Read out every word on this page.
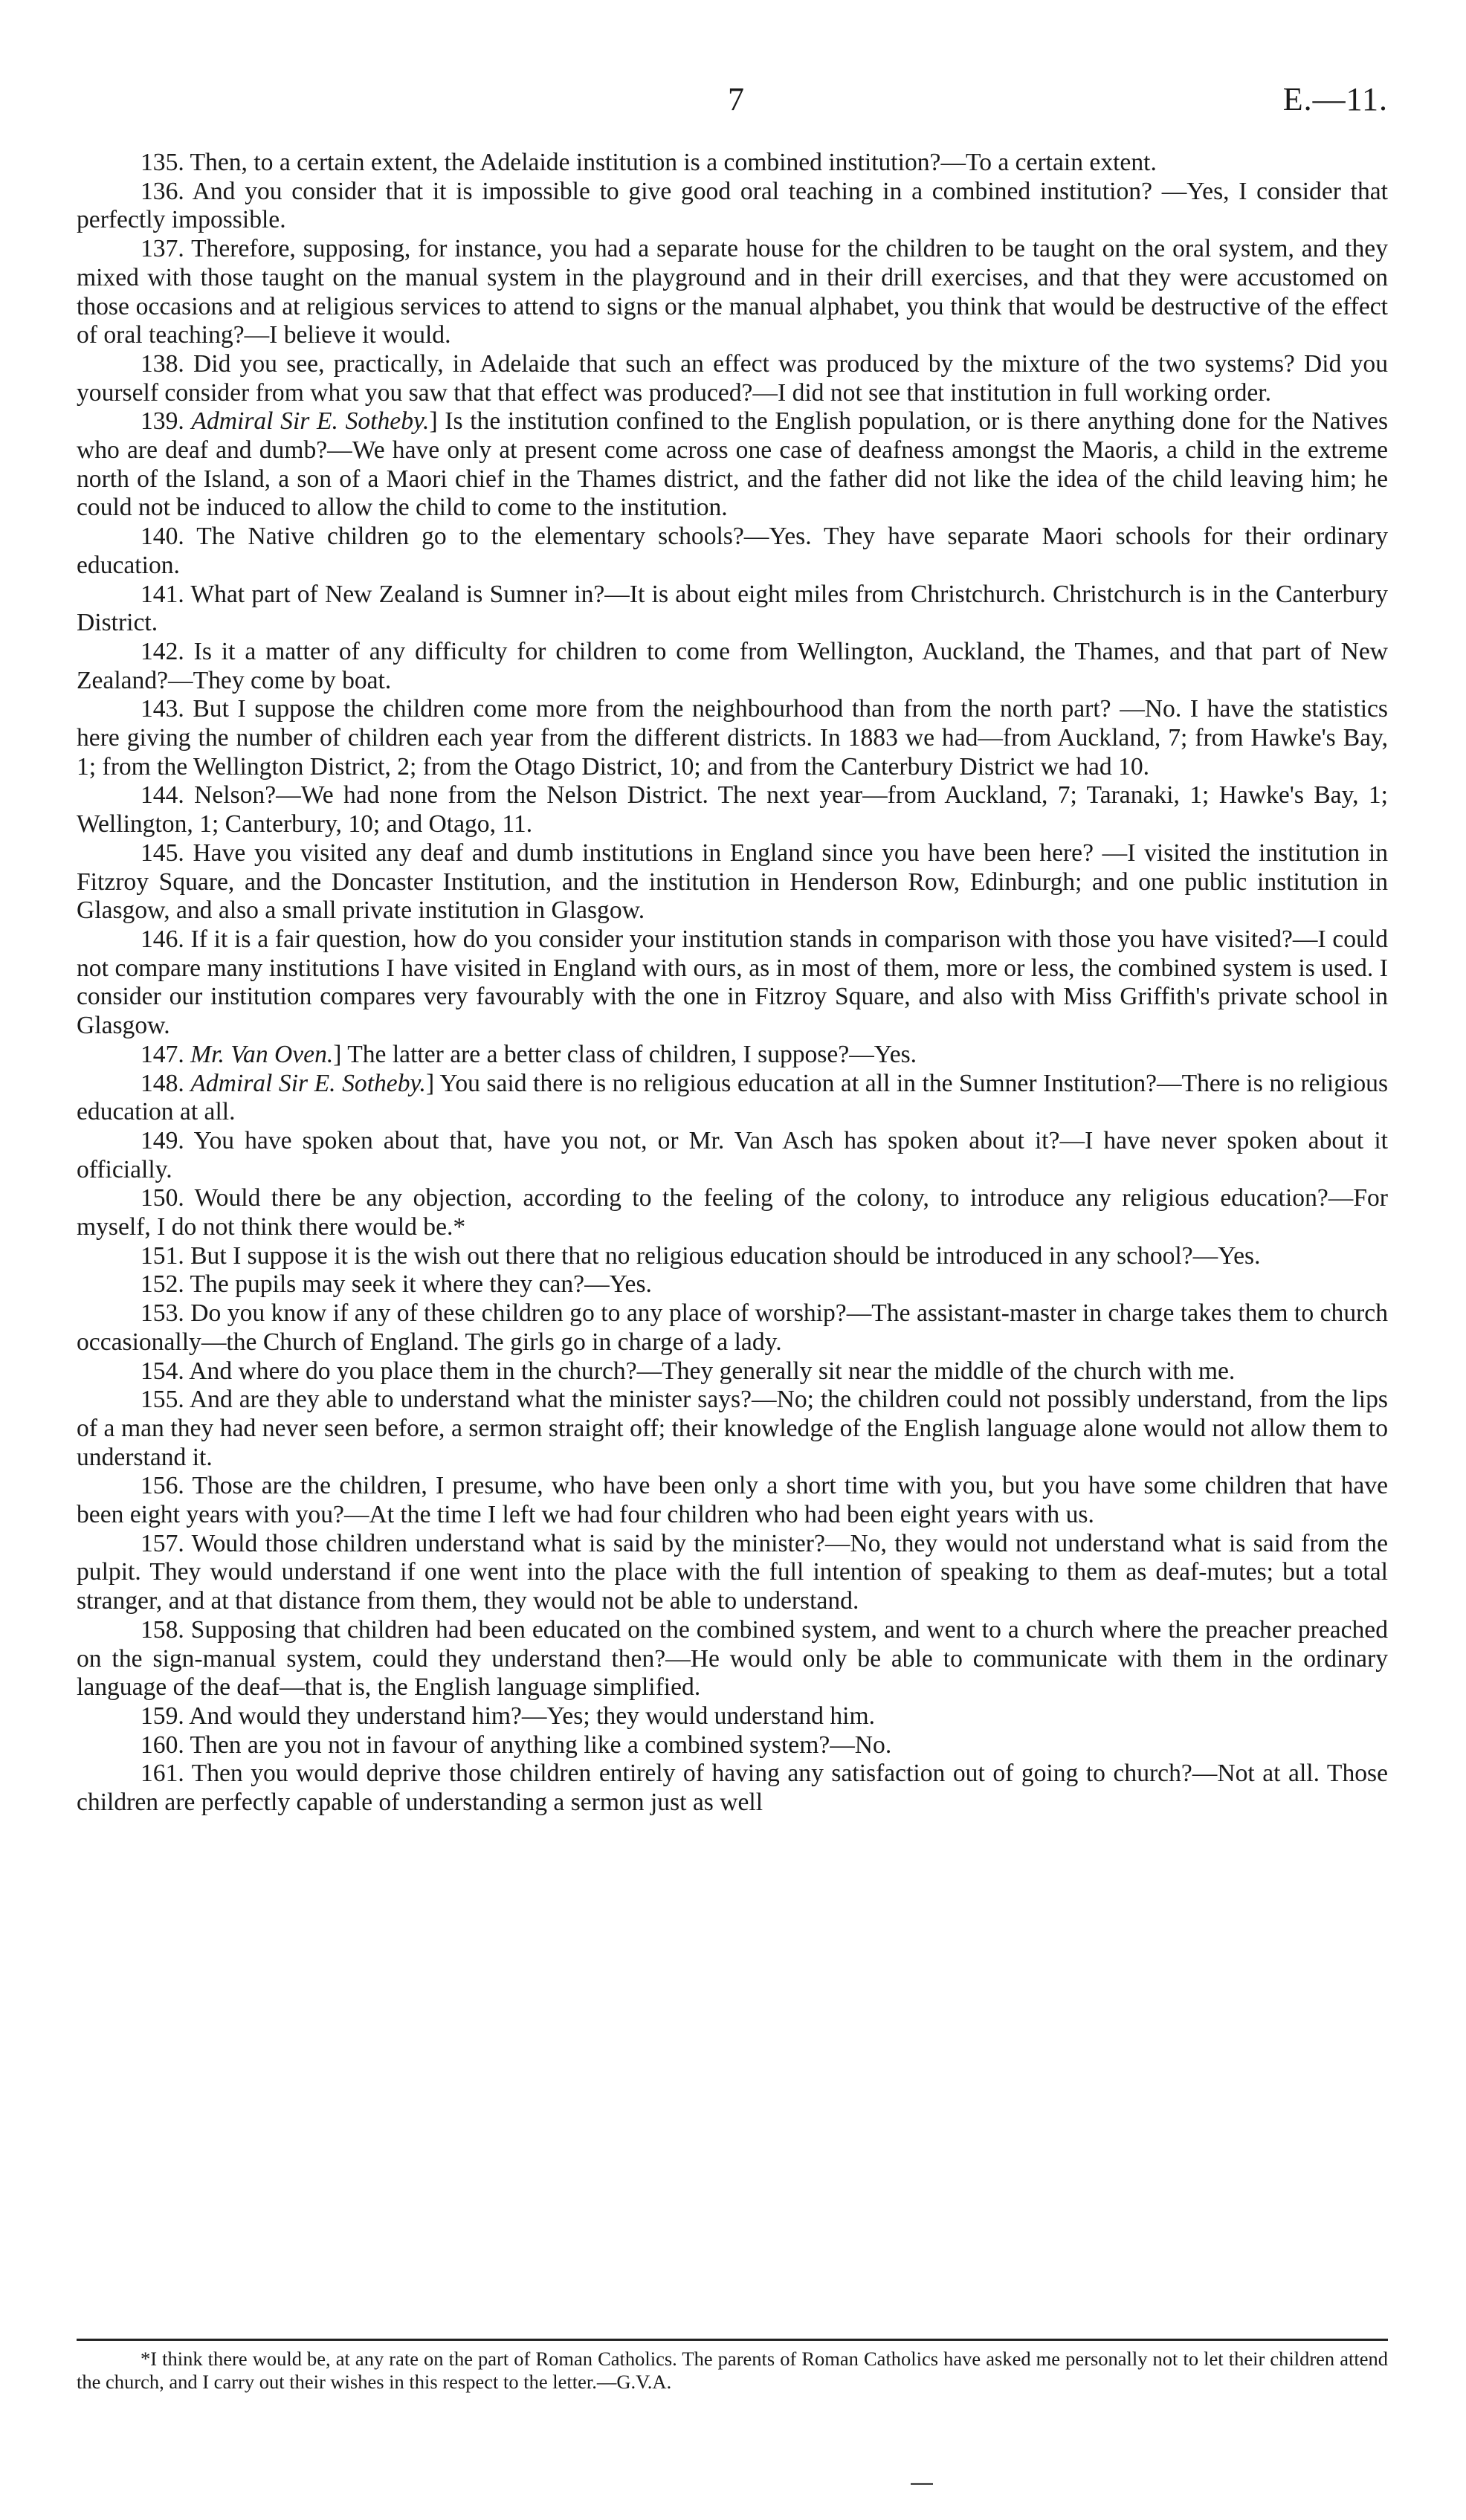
7	E.—11.

135. Then, to a certain extent, the Adelaide institution is a combined institution?—To a certain extent.

136. And you consider that it is impossible to give good oral teaching in a combined institution? —Yes, I consider that perfectly impossible.

137. Therefore, supposing, for instance, you had a separate house for the children to be taught on the oral system, and they mixed with those taught on the manual system in the playground and in their drill exercises, and that they were accustomed on those occasions and at religious services to attend to signs or the manual alphabet, you think that would be destructive of the effect of oral teaching?—I believe it would.

138. Did you see, practically, in Adelaide that such an effect was produced by the mixture of the two systems? Did you yourself consider from what you saw that that effect was produced?—I did not see that institution in full working order.

139. Admiral Sir E. Sotheby.] Is the institution confined to the English population, or is there anything done for the Natives who are deaf and dumb?—We have only at present come across one case of deafness amongst the Maoris, a child in the extreme north of the Island, a son of a Maori chief in the Thames district, and the father did not like the idea of the child leaving him; he could not be induced to allow the child to come to the institution.

140. The Native children go to the elementary schools?—Yes. They have separate Maori schools for their ordinary education.

141. What part of New Zealand is Sumner in?—It is about eight miles from Christchurch. Christchurch is in the Canterbury District.

142. Is it a matter of any difficulty for children to come from Wellington, Auckland, the Thames, and that part of New Zealand?—They come by boat.

143. But I suppose the children come more from the neighbourhood than from the north part? —No. I have the statistics here giving the number of children each year from the different districts. In 1883 we had—from Auckland, 7; from Hawke's Bay, 1; from the Wellington District, 2; from the Otago District, 10; and from the Canterbury District we had 10.

144. Nelson?—We had none from the Nelson District. The next year—from Auckland, 7; Taranaki, 1; Hawke's Bay, 1; Wellington, 1; Canterbury, 10; and Otago, 11.

145. Have you visited any deaf and dumb institutions in England since you have been here? —I visited the institution in Fitzroy Square, and the Doncaster Institution, and the institution in Henderson Row, Edinburgh; and one public institution in Glasgow, and also a small private institution in Glasgow.

146. If it is a fair question, how do you consider your institution stands in comparison with those you have visited?—I could not compare many institutions I have visited in England with ours, as in most of them, more or less, the combined system is used. I consider our institution compares very favourably with the one in Fitzroy Square, and also with Miss Griffith's private school in Glasgow.

147. Mr. Van Oven.] The latter are a better class of children, I suppose?—Yes.

148. Admiral Sir E. Sotheby.] You said there is no religious education at all in the Sumner Institution?—There is no religious education at all.

149. You have spoken about that, have you not, or Mr. Van Asch has spoken about it?—I have never spoken about it officially.

150. Would there be any objection, according to the feeling of the colony, to introduce any religious education?—For myself, I do not think there would be.*

151. But I suppose it is the wish out there that no religious education should be introduced in any school?—Yes.

152. The pupils may seek it where they can?—Yes.

153. Do you know if any of these children go to any place of worship?—The assistant-master in charge takes them to church occasionally—the Church of England. The girls go in charge of a lady.

154. And where do you place them in the church?—They generally sit near the middle of the church with me.

155. And are they able to understand what the minister says?—No; the children could not possibly understand, from the lips of a man they had never seen before, a sermon straight off; their knowledge of the English language alone would not allow them to understand it.

156. Those are the children, I presume, who have been only a short time with you, but you have some children that have been eight years with you?—At the time I left we had four children who had been eight years with us.

157. Would those children understand what is said by the minister?—No, they would not understand what is said from the pulpit. They would understand if one went into the place with the full intention of speaking to them as deaf-mutes; but a total stranger, and at that distance from them, they would not be able to understand.

158. Supposing that children had been educated on the combined system, and went to a church where the preacher preached on the sign-manual system, could they understand then?—He would only be able to communicate with them in the ordinary language of the deaf—that is, the English language simplified.

159. And would they understand him?—Yes; they would understand him.

160. Then are you not in favour of anything like a combined system?—No.

161. Then you would deprive those children entirely of having any satisfaction out of going to church?—Not at all. Those children are perfectly capable of understanding a sermon just as well

*I think there would be, at any rate on the part of Roman Catholics. The parents of Roman Catholics have asked me personally not to let their children attend the church, and I carry out their wishes in this respect to the letter.—G.V.A.
